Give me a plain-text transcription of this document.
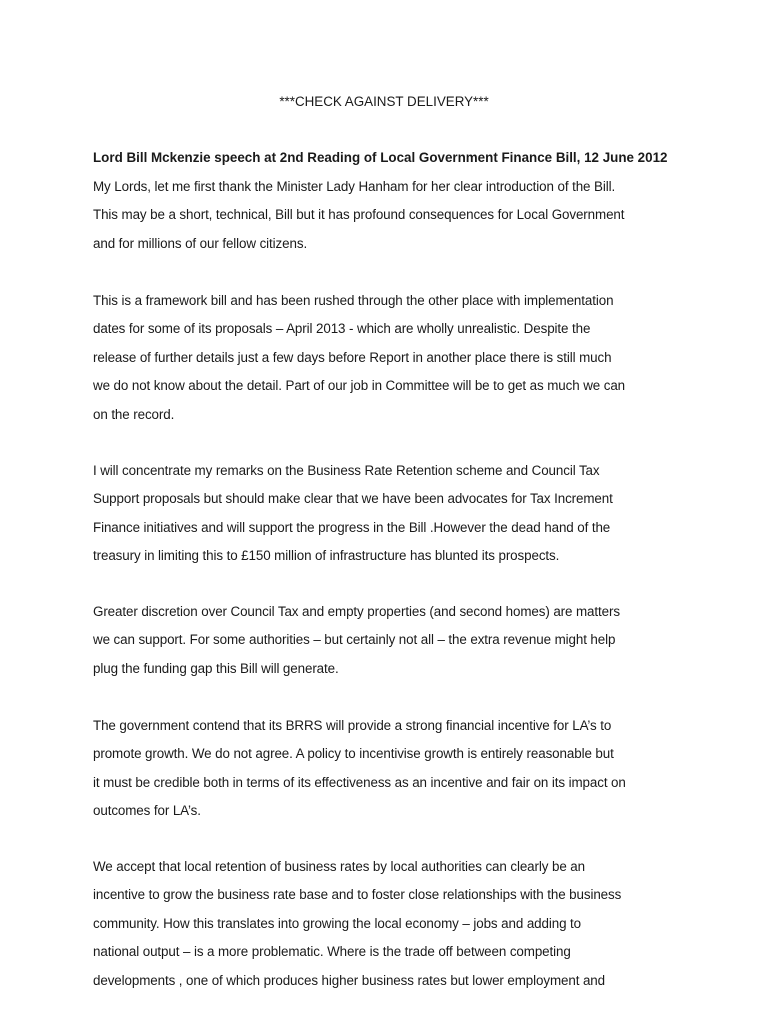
***CHECK AGAINST DELIVERY***
Lord Bill Mckenzie speech at 2nd Reading of Local Government Finance Bill, 12 June 2012
My Lords, let me first thank the Minister Lady Hanham for her clear introduction of the Bill.
This may be a short, technical, Bill but it has profound consequences for Local Government
and for millions of our fellow citizens.
This is a framework bill and has been rushed through the other place with implementation
dates for some of its proposals – April 2013 - which are wholly unrealistic. Despite the
release of further details just a few days before Report in another place there is still much
we do not know about the detail. Part of our job in Committee will be to get as much we can
on the record.
I will concentrate my remarks on the Business Rate Retention scheme and Council Tax
Support proposals but should make clear that we have been advocates for Tax Increment
Finance initiatives and will support the progress in the Bill .However the dead hand of the
treasury in limiting this to £150 million of infrastructure has blunted its prospects.
Greater discretion over Council Tax and empty properties (and second homes) are matters
we can support. For some authorities – but certainly not all – the extra revenue might help
plug the funding gap this Bill will generate.
The government contend that its BRRS will provide a strong financial incentive for LA’s to
promote growth. We do not agree. A policy to incentivise growth is entirely reasonable but
it must be credible both in terms of its effectiveness as an incentive and fair on its impact on
outcomes for LA’s.
We accept that local retention of business rates by local authorities can clearly be an
incentive to grow the business rate base and to foster close relationships with the business
community. How this translates into growing the local economy – jobs and adding to
national output – is a more problematic. Where is the trade off between competing
developments , one of which produces higher business rates but lower employment and
